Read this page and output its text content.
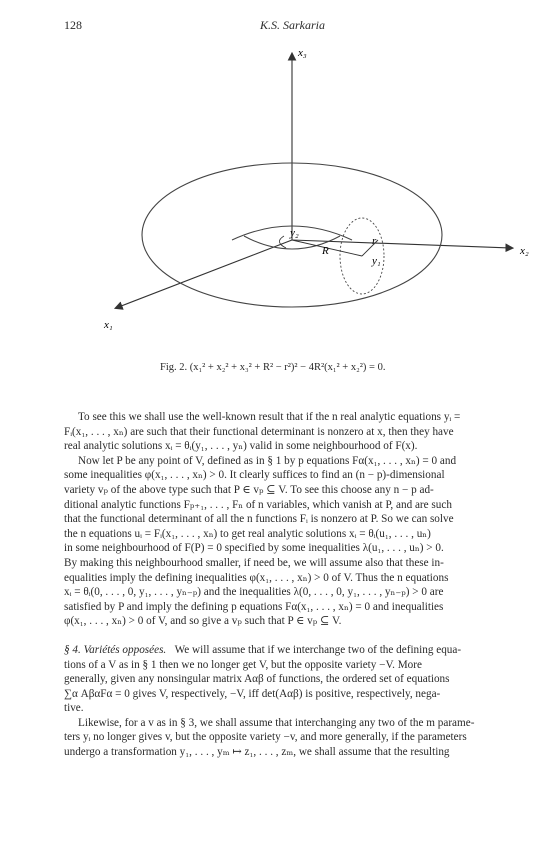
128	K.S. Sarkaria
x₃
x₂
x₁
y₂
y₁
R
r
Fig. 2. (x₁² + x₂² + x₃² + R² − r²)² − 4R²(x₁² + x₂²) = 0.
To see this we shall use the well-known result that if the n real analytic equations yᵢ =
Fᵢ(x₁, . . . , xₙ) are such that their functional determinant is nonzero at x, then they have
real analytic solutions xᵢ = θᵢ(y₁, . . . , yₙ) valid in some neighbourhood of F(x).
Now let P be any point of V, defined as in § 1 by p equations Fα(x₁, . . . , xₙ) = 0 and
some inequalities φ(x₁, . . . , xₙ) > 0. It clearly suffices to find an (n − p)-dimensional
variety vₚ of the above type such that P ∈ vₚ ⊆ V. To see this choose any n − p ad-
ditional analytic functions Fₚ₊₁, . . . , Fₙ of n variables, which vanish at P, and are such
that the functional determinant of all the n functions Fᵢ is nonzero at P. So we can solve
the n equations uᵢ = Fᵢ(x₁, . . . , xₙ) to get real analytic solutions xᵢ = θᵢ(u₁, . . . , uₙ)
in some neighbourhood of F(P) = 0 specified by some inequalities λ(u₁, . . . , uₙ) > 0.
By making this neighbourhood smaller, if need be, we will assume also that these in-
equalities imply the defining inequalities φ(x₁, . . . , xₙ) > 0 of V. Thus the n equations
xᵢ = θᵢ(0, . . . , 0, y₁, . . . , yₙ₋ₚ) and the inequalities λ(0, . . . , 0, y₁, . . . , yₙ₋ₚ) > 0 are
satisfied by P and imply the defining p equations Fα(x₁, . . . , xₙ) = 0 and inequalities
φ(x₁, . . . , xₙ) > 0 of V, and so give a vₚ such that P ∈ vₚ ⊆ V.
§ 4. Variétés opposées. We will assume that if we interchange two of the defining equa-
tions of a V as in § 1 then we no longer get V, but the opposite variety −V. More
generally, given any nonsingular matrix Aαβ of functions, the ordered set of equations
∑α AβαFα = 0 gives V, respectively, −V, iff det(Aαβ) is positive, respectively, nega-
tive.
Likewise, for a v as in § 3, we shall assume that interchanging any two of the m parame-
ters yᵢ no longer gives v, but the opposite variety −v, and more generally, if the parameters
undergo a transformation y₁, . . . , yₘ ↦ z₁, . . . , zₘ, we shall assume that the resulting
